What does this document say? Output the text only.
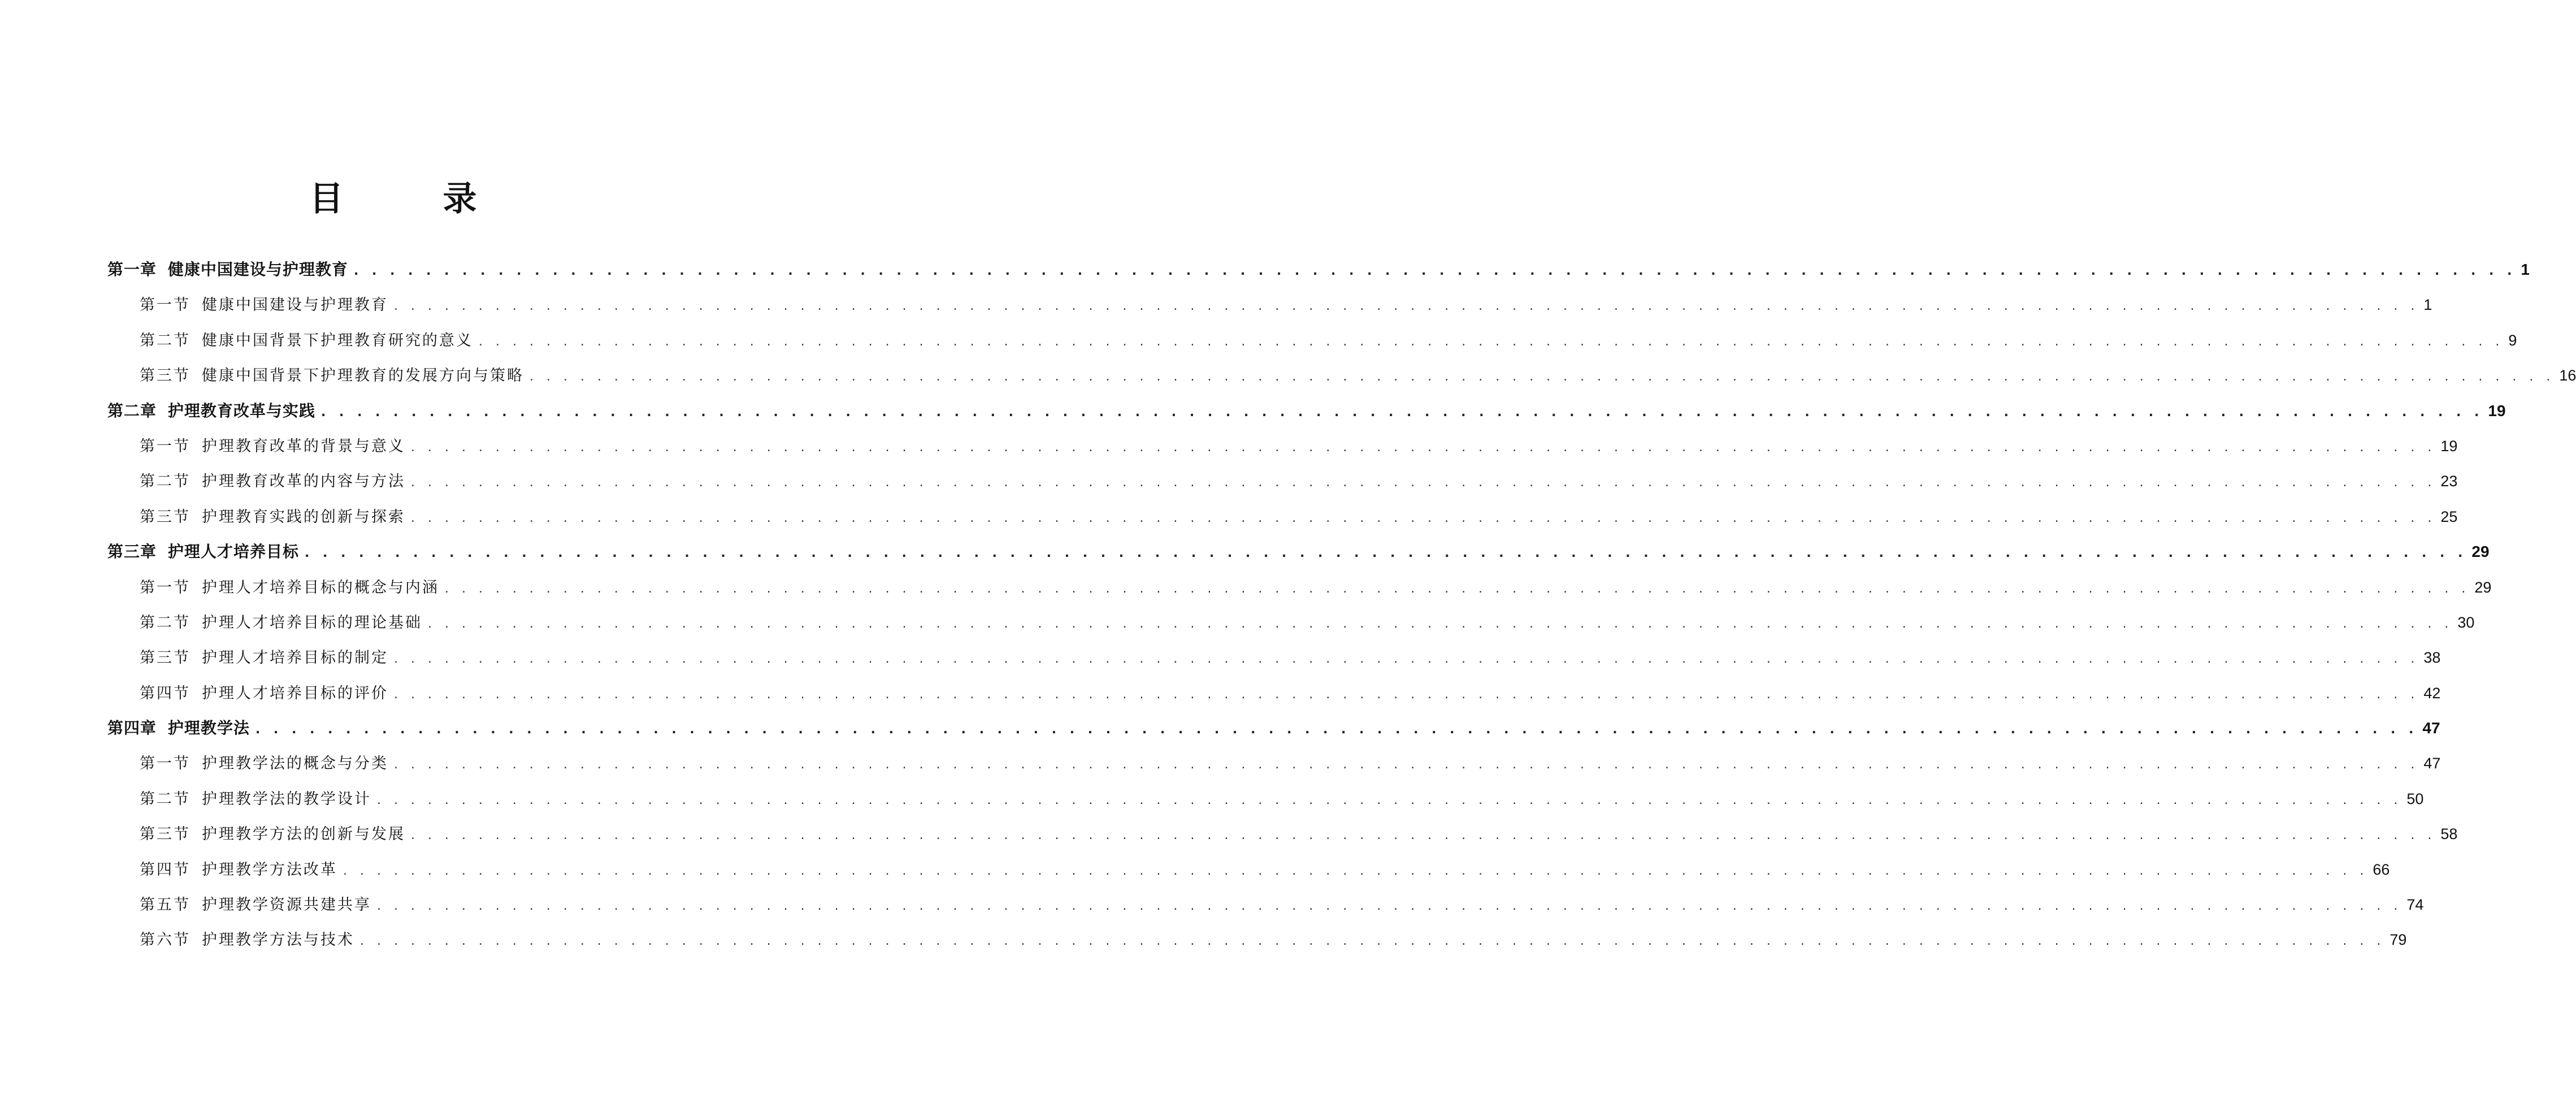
目　录
第一章 健康中国建设与护理教育 . . . . . . . . . . . . . . . . . . . . . . . . . . . . . . . . . . . . . . . . . . . . . . . . . . . . . . . . . . . . . . . . . . . . . . . . . . . . . . . . . . . . . . . . . . . . . . . . . . . . . . . . . . . . . . . . . . . . . . . . 1
第一节 健康中国建设与护理教育 . . . . . . . . . . . . . . . . . . . . . . . . . . . . . . . . . . . . . . . . . . . . . . . . . . . . . . . . . . . . . . . . . . . . . . . . . . . . . . . . . . . . . . . . . . . . . . . . . . . . . . . . . . . . . . . . . . . . . . . . 1
第二节 健康中国背景下护理教育研究的意义 . . . . . . . . . . . . . . . . . . . . . . . . . . . . . . . . . . . . . . . . . . . . . . . . . . . . . . . . . . . . . . . . . . . . . . . . . . . . . . . . . . . . . . . . . . . . . . . . . . . . . . . . . . . . . . . . . . . . . . . . 9
第三节 健康中国背景下护理教育的发展方向与策略 . . . . . . . . . . . . . . . . . . . . . . . . . . . . . . . . . . . . . . . . . . . . . . . . . . . . . . . . . . . . . . . . . . . . . . . . . . . . . . . . . . . . . . . . . . . . . . . . . . . . . . . . . . . . . . . . . . . . . . . . 16
第二章 护理教育改革与实践 . . . . . . . . . . . . . . . . . . . . . . . . . . . . . . . . . . . . . . . . . . . . . . . . . . . . . . . . . . . . . . . . . . . . . . . . . . . . . . . . . . . . . . . . . . . . . . . . . . . . . . . . . . . . . . . . . . . . . . . . 19
第一节 护理教育改革的背景与意义 . . . . . . . . . . . . . . . . . . . . . . . . . . . . . . . . . . . . . . . . . . . . . . . . . . . . . . . . . . . . . . . . . . . . . . . . . . . . . . . . . . . . . . . . . . . . . . . . . . . . . . . . . . . . . . . . . . . . . . . . 19
第二节 护理教育改革的内容与方法 . . . . . . . . . . . . . . . . . . . . . . . . . . . . . . . . . . . . . . . . . . . . . . . . . . . . . . . . . . . . . . . . . . . . . . . . . . . . . . . . . . . . . . . . . . . . . . . . . . . . . . . . . . . . . . . . . . . . . . . . 23
第三节 护理教育实践的创新与探索 . . . . . . . . . . . . . . . . . . . . . . . . . . . . . . . . . . . . . . . . . . . . . . . . . . . . . . . . . . . . . . . . . . . . . . . . . . . . . . . . . . . . . . . . . . . . . . . . . . . . . . . . . . . . . . . . . . . . . . . . 25
第三章 护理人才培养目标 . . . . . . . . . . . . . . . . . . . . . . . . . . . . . . . . . . . . . . . . . . . . . . . . . . . . . . . . . . . . . . . . . . . . . . . . . . . . . . . . . . . . . . . . . . . . . . . . . . . . . . . . . . . . . . . . . . . . . . . . 29
第一节 护理人才培养目标的概念与内涵 . . . . . . . . . . . . . . . . . . . . . . . . . . . . . . . . . . . . . . . . . . . . . . . . . . . . . . . . . . . . . . . . . . . . . . . . . . . . . . . . . . . . . . . . . . . . . . . . . . . . . . . . . . . . . . . . . . . . . . . . 29
第二节 护理人才培养目标的理论基础 . . . . . . . . . . . . . . . . . . . . . . . . . . . . . . . . . . . . . . . . . . . . . . . . . . . . . . . . . . . . . . . . . . . . . . . . . . . . . . . . . . . . . . . . . . . . . . . . . . . . . . . . . . . . . . . . . . . . . . . . 30
第三节 护理人才培养目标的制定 . . . . . . . . . . . . . . . . . . . . . . . . . . . . . . . . . . . . . . . . . . . . . . . . . . . . . . . . . . . . . . . . . . . . . . . . . . . . . . . . . . . . . . . . . . . . . . . . . . . . . . . . . . . . . . . . . . . . . . . . 38
第四节 护理人才培养目标的评价 . . . . . . . . . . . . . . . . . . . . . . . . . . . . . . . . . . . . . . . . . . . . . . . . . . . . . . . . . . . . . . . . . . . . . . . . . . . . . . . . . . . . . . . . . . . . . . . . . . . . . . . . . . . . . . . . . . . . . . . . 42
第四章 护理教学法 . . . . . . . . . . . . . . . . . . . . . . . . . . . . . . . . . . . . . . . . . . . . . . . . . . . . . . . . . . . . . . . . . . . . . . . . . . . . . . . . . . . . . . . . . . . . . . . . . . . . . . . . . . . . . . . . . . . . . . . . 47
第一节 护理教学法的概念与分类 . . . . . . . . . . . . . . . . . . . . . . . . . . . . . . . . . . . . . . . . . . . . . . . . . . . . . . . . . . . . . . . . . . . . . . . . . . . . . . . . . . . . . . . . . . . . . . . . . . . . . . . . . . . . . . . . . . . . . . . . 47
第二节 护理教学法的教学设计 . . . . . . . . . . . . . . . . . . . . . . . . . . . . . . . . . . . . . . . . . . . . . . . . . . . . . . . . . . . . . . . . . . . . . . . . . . . . . . . . . . . . . . . . . . . . . . . . . . . . . . . . . . . . . . . . . . . . . . . . 50
第三节 护理教学方法的创新与发展 . . . . . . . . . . . . . . . . . . . . . . . . . . . . . . . . . . . . . . . . . . . . . . . . . . . . . . . . . . . . . . . . . . . . . . . . . . . . . . . . . . . . . . . . . . . . . . . . . . . . . . . . . . . . . . . . . . . . . . . . 58
第四节 护理教学方法改革 . . . . . . . . . . . . . . . . . . . . . . . . . . . . . . . . . . . . . . . . . . . . . . . . . . . . . . . . . . . . . . . . . . . . . . . . . . . . . . . . . . . . . . . . . . . . . . . . . . . . . . . . . . . . . . . . . . . . . . . . 66
第五节 护理教学资源共建共享 . . . . . . . . . . . . . . . . . . . . . . . . . . . . . . . . . . . . . . . . . . . . . . . . . . . . . . . . . . . . . . . . . . . . . . . . . . . . . . . . . . . . . . . . . . . . . . . . . . . . . . . . . . . . . . . . . . . . . . . . 74
第六节 护理教学方法与技术 . . . . . . . . . . . . . . . . . . . . . . . . . . . . . . . . . . . . . . . . . . . . . . . . . . . . . . . . . . . . . . . . . . . . . . . . . . . . . . . . . . . . . . . . . . . . . . . . . . . . . . . . . . . . . . . . . . . . . . . . 79
